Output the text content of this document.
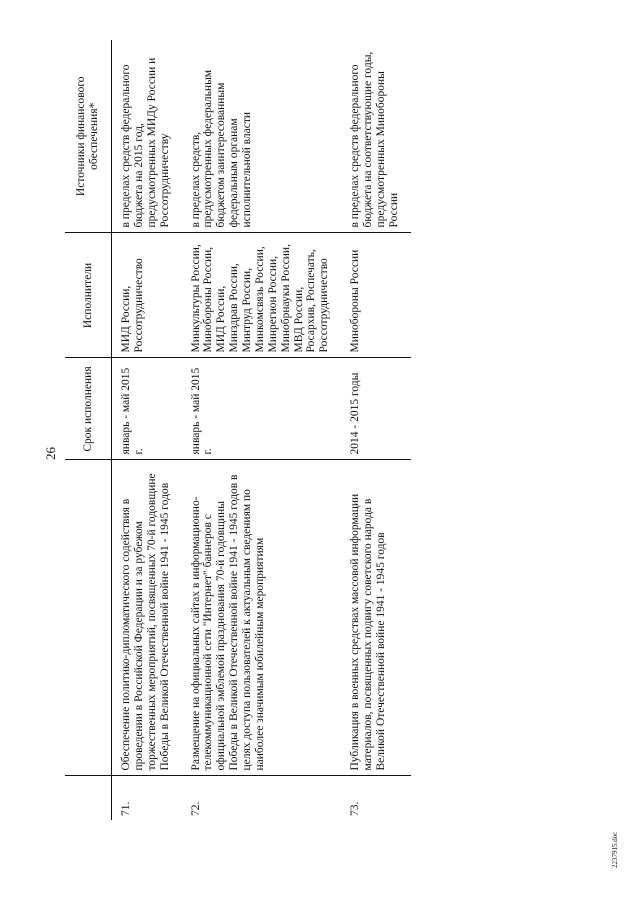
26
		Срок исполнения	Исполнители	Источники финансового обеспечения*
71.	Обеспечение политико-дипломатического содействия в проведении в Российской Федерации и за рубежом торжественных мероприятий, посвященных 70-й годовщине Победы в Великой Отечественной войне 1941 - 1945 годов	январь - май 2015 г.	МИД России, Россотрудничество	в пределах средств федерального бюджета на 2015 год, предусмотренных МИДу России и Россотрудничеству
72.	Размещение на официальных сайтах в информационно-телекоммуникационной сети "Интернет" баннеров с официальной эмблемой празднования 70-й годовщины Победы в Великой Отечественной войне 1941 - 1945 годов в целях доступа пользователей к актуальным сведениям по наиболее значимым юбилейным мероприятиям	январь - май 2015 г.	Минкультуры России, Минобороны России, МИД России, Минздрав России, Минтруд России, Минкомсвязь России, Минрегион России, Минобрнауки России, МВД России, Росархив, Роспечать, Россотрудничество	в пределах средств, предусмотренных федеральным бюджетом заинтересованным федеральным органам исполнительной власти
73.	Публикация в военных средствах массовой информации материалов, посвященных подвигу советского народа в Великой Отечественной войне 1941 - 1945 годов	2014 - 2015 годы	Минобороны России	в пределах средств федерального бюджета на соответствующие годы, предусмотренных Минобороны России
2237915.doc
